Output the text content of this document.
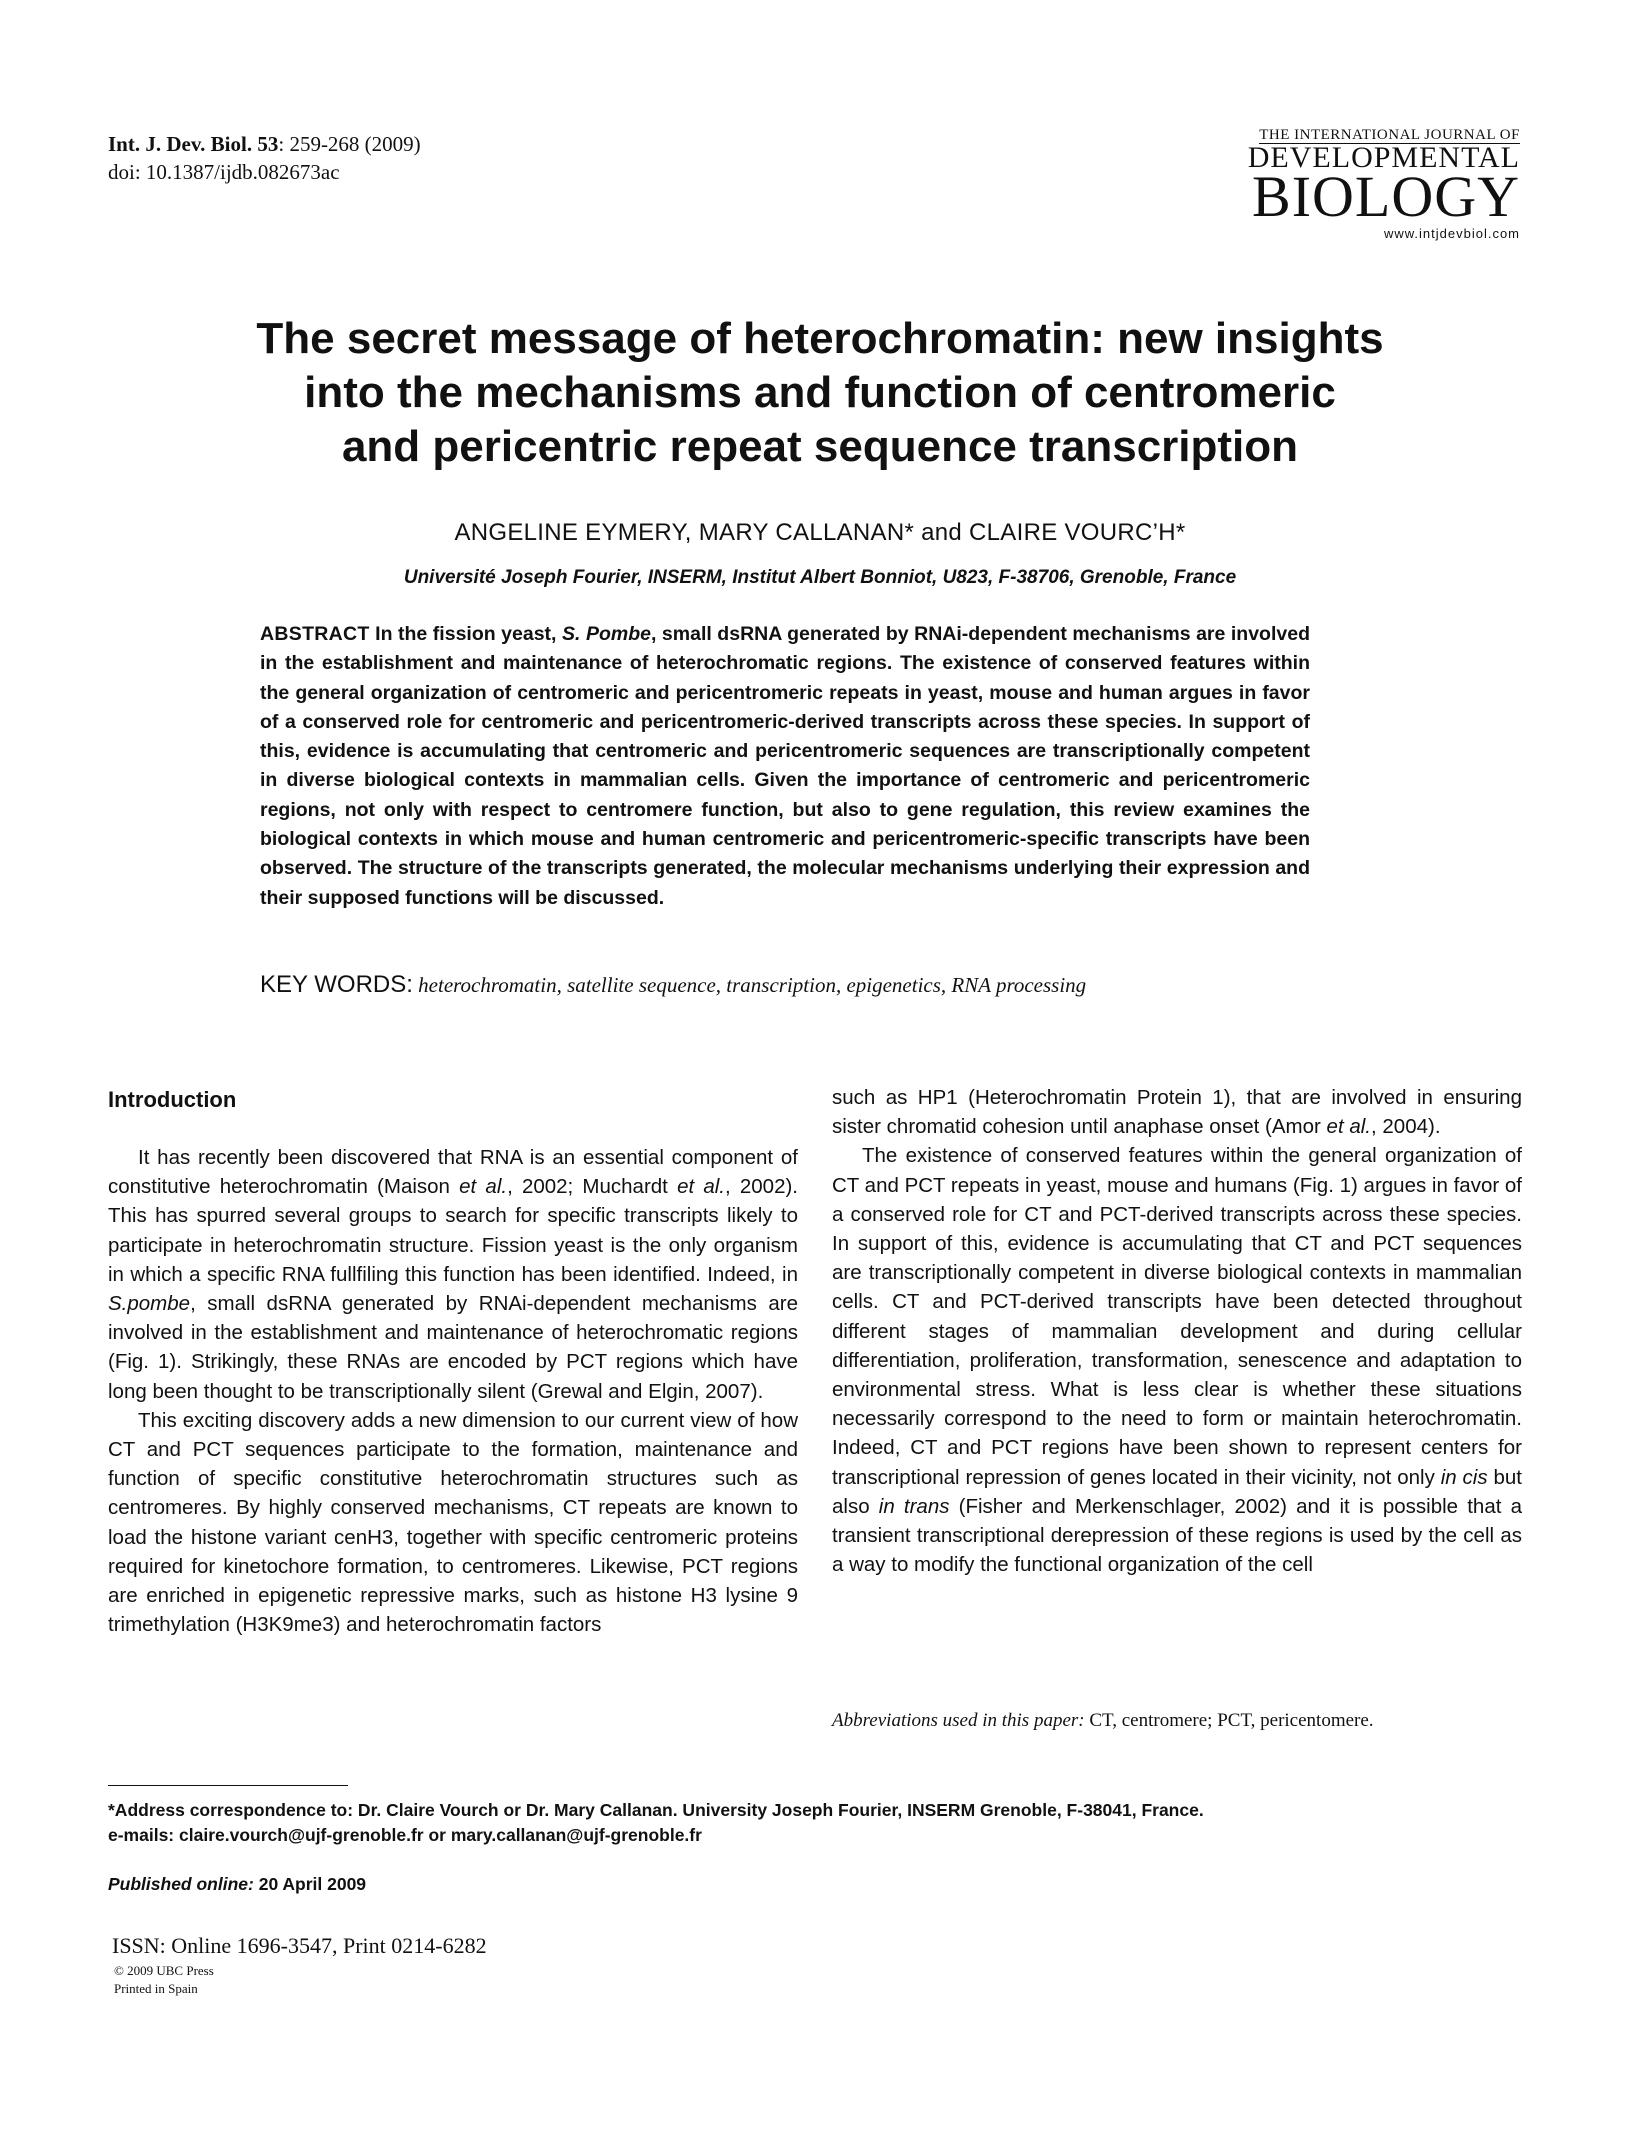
Int. J. Dev. Biol. 53: 259-268 (2009)
doi: 10.1387/ijdb.082673ac
THE INTERNATIONAL JOURNAL OF
DEVELOPMENTAL
BIOLOGY
www.intjdevbiol.com
The secret message of heterochromatin: new insights
into the mechanisms and function of centromeric
and pericentric repeat sequence transcription
ANGELINE EYMERY, MARY CALLANAN* and CLAIRE VOURC’H*
Université Joseph Fourier, INSERM, Institut Albert Bonniot, U823, F-38706, Grenoble, France
ABSTRACT In the fission yeast, S. Pombe, small dsRNA generated by RNAi-dependent mechanisms are involved in the establishment and maintenance of heterochromatic regions. The existence of conserved features within the general organization of centromeric and pericentromeric repeats in yeast, mouse and human argues in favor of a conserved role for centromeric and pericentromeric-derived transcripts across these species. In support of this, evidence is accumulating that centromeric and pericentromeric sequences are transcriptionally competent in diverse biological contexts in mammalian cells. Given the importance of centromeric and pericentromeric regions, not only with respect to centromere function, but also to gene regulation, this review examines the biological contexts in which mouse and human centromeric and pericentromeric-specific transcripts have been observed. The structure of the transcripts generated, the molecular mechanisms underlying their expression and their supposed functions will be discussed.
KEY WORDS: heterochromatin, satellite sequence, transcription, epigenetics, RNA processing

Introduction

It has recently been discovered that RNA is an essential component of constitutive heterochromatin (Maison et al., 2002; Muchardt et al., 2002). This has spurred several groups to search for specific transcripts likely to participate in heterochromatin structure. Fission yeast is the only organism in which a specific RNA fullfiling this function has been identified. Indeed, in S.pombe, small dsRNA generated by RNAi-dependent mechanisms are involved in the establishment and maintenance of heterochromatic regions (Fig. 1). Strikingly, these RNAs are encoded by PCT regions which have long been thought to be transcriptionally silent (Grewal and Elgin, 2007).

This exciting discovery adds a new dimension to our current view of how CT and PCT sequences participate to the formation, maintenance and function of specific constitutive heterochromatin structures such as centromeres. By highly conserved mechanisms, CT repeats are known to load the histone variant cenH3, together with specific centromeric proteins required for kinetochore formation, to centromeres. Likewise, PCT regions are enriched in epigenetic repressive marks, such as histone H3 lysine 9 trimethylation (H3K9me3) and heterochromatin factors

such as HP1 (Heterochromatin Protein 1), that are involved in ensuring sister chromatid cohesion until anaphase onset (Amor et al., 2004).

The existence of conserved features within the general organization of CT and PCT repeats in yeast, mouse and humans (Fig. 1) argues in favor of a conserved role for CT and PCT-derived transcripts across these species. In support of this, evidence is accumulating that CT and PCT sequences are transcriptionally competent in diverse biological contexts in mammalian cells. CT and PCT-derived transcripts have been detected throughout different stages of mammalian development and during cellular differentiation, proliferation, transformation, senescence and adaptation to environmental stress. What is less clear is whether these situations necessarily correspond to the need to form or maintain heterochromatin. Indeed, CT and PCT regions have been shown to represent centers for transcriptional repression of genes located in their vicinity, not only in cis but also in trans (Fisher and Merkenschlager, 2002) and it is possible that a transient transcriptional derepression of these regions is used by the cell as a way to modify the functional organization of the cell

Abbreviations used in this paper: CT, centromere; PCT, pericentomere.
*Address correspondence to: Dr. Claire Vourch or Dr. Mary Callanan. University Joseph Fourier, INSERM Grenoble, F-38041, France.
e-mails: claire.vourch@ujf-grenoble.fr or mary.callanan@ujf-grenoble.fr
Published online: 20 April 2009
ISSN: Online 1696-3547, Print 0214-6282
© 2009 UBC Press
Printed in Spain
